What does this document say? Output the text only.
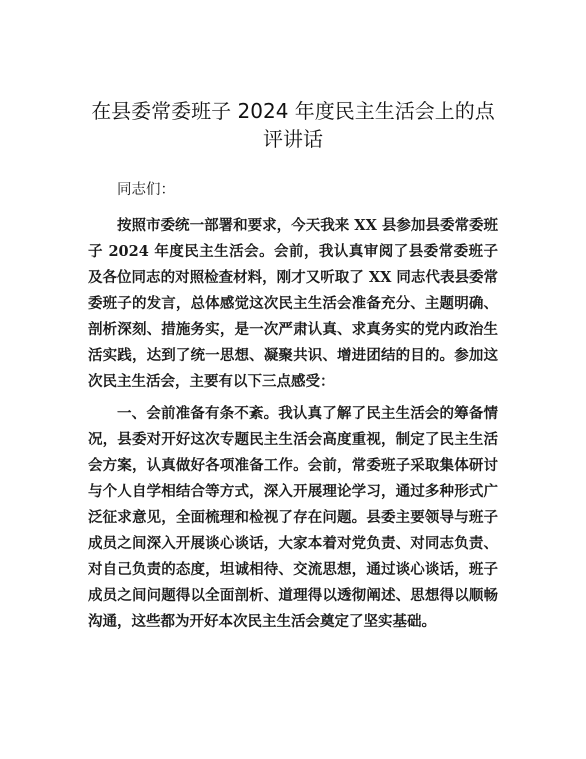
在县委常委班子 2024 年度民主生活会上的点评讲话

同志们：

按照市委统一部署和要求，今天我来 XX 县参加县委常委班子 2024 年度民主生活会。会前，我认真审阅了县委常委班子及各位同志的对照检查材料，刚才又听取了 XX 同志代表县委常委班子的发言，总体感觉这次民主生活会准备充分、主题明确、剖析深刻、措施务实，是一次严肃认真、求真务实的党内政治生活实践，达到了统一思想、凝聚共识、增进团结的目的。参加这次民主生活会，主要有以下三点感受：

一、会前准备有条不紊。我认真了解了民主生活会的筹备情况，县委对开好这次专题民主生活会高度重视，制定了民主生活会方案，认真做好各项准备工作。会前，常委班子采取集体研讨与个人自学相结合等方式，深入开展理论学习，通过多种形式广泛征求意见，全面梳理和检视了存在问题。县委主要领导与班子成员之间深入开展谈心谈话，大家本着对党负责、对同志负责、对自己负责的态度，坦诚相待、交流思想，通过谈心谈话，班子成员之间问题得以全面剖析、道理得以透彻阐述、思想得以顺畅沟通，这些都为开好本次民主生活会奠定了坚实基础。
